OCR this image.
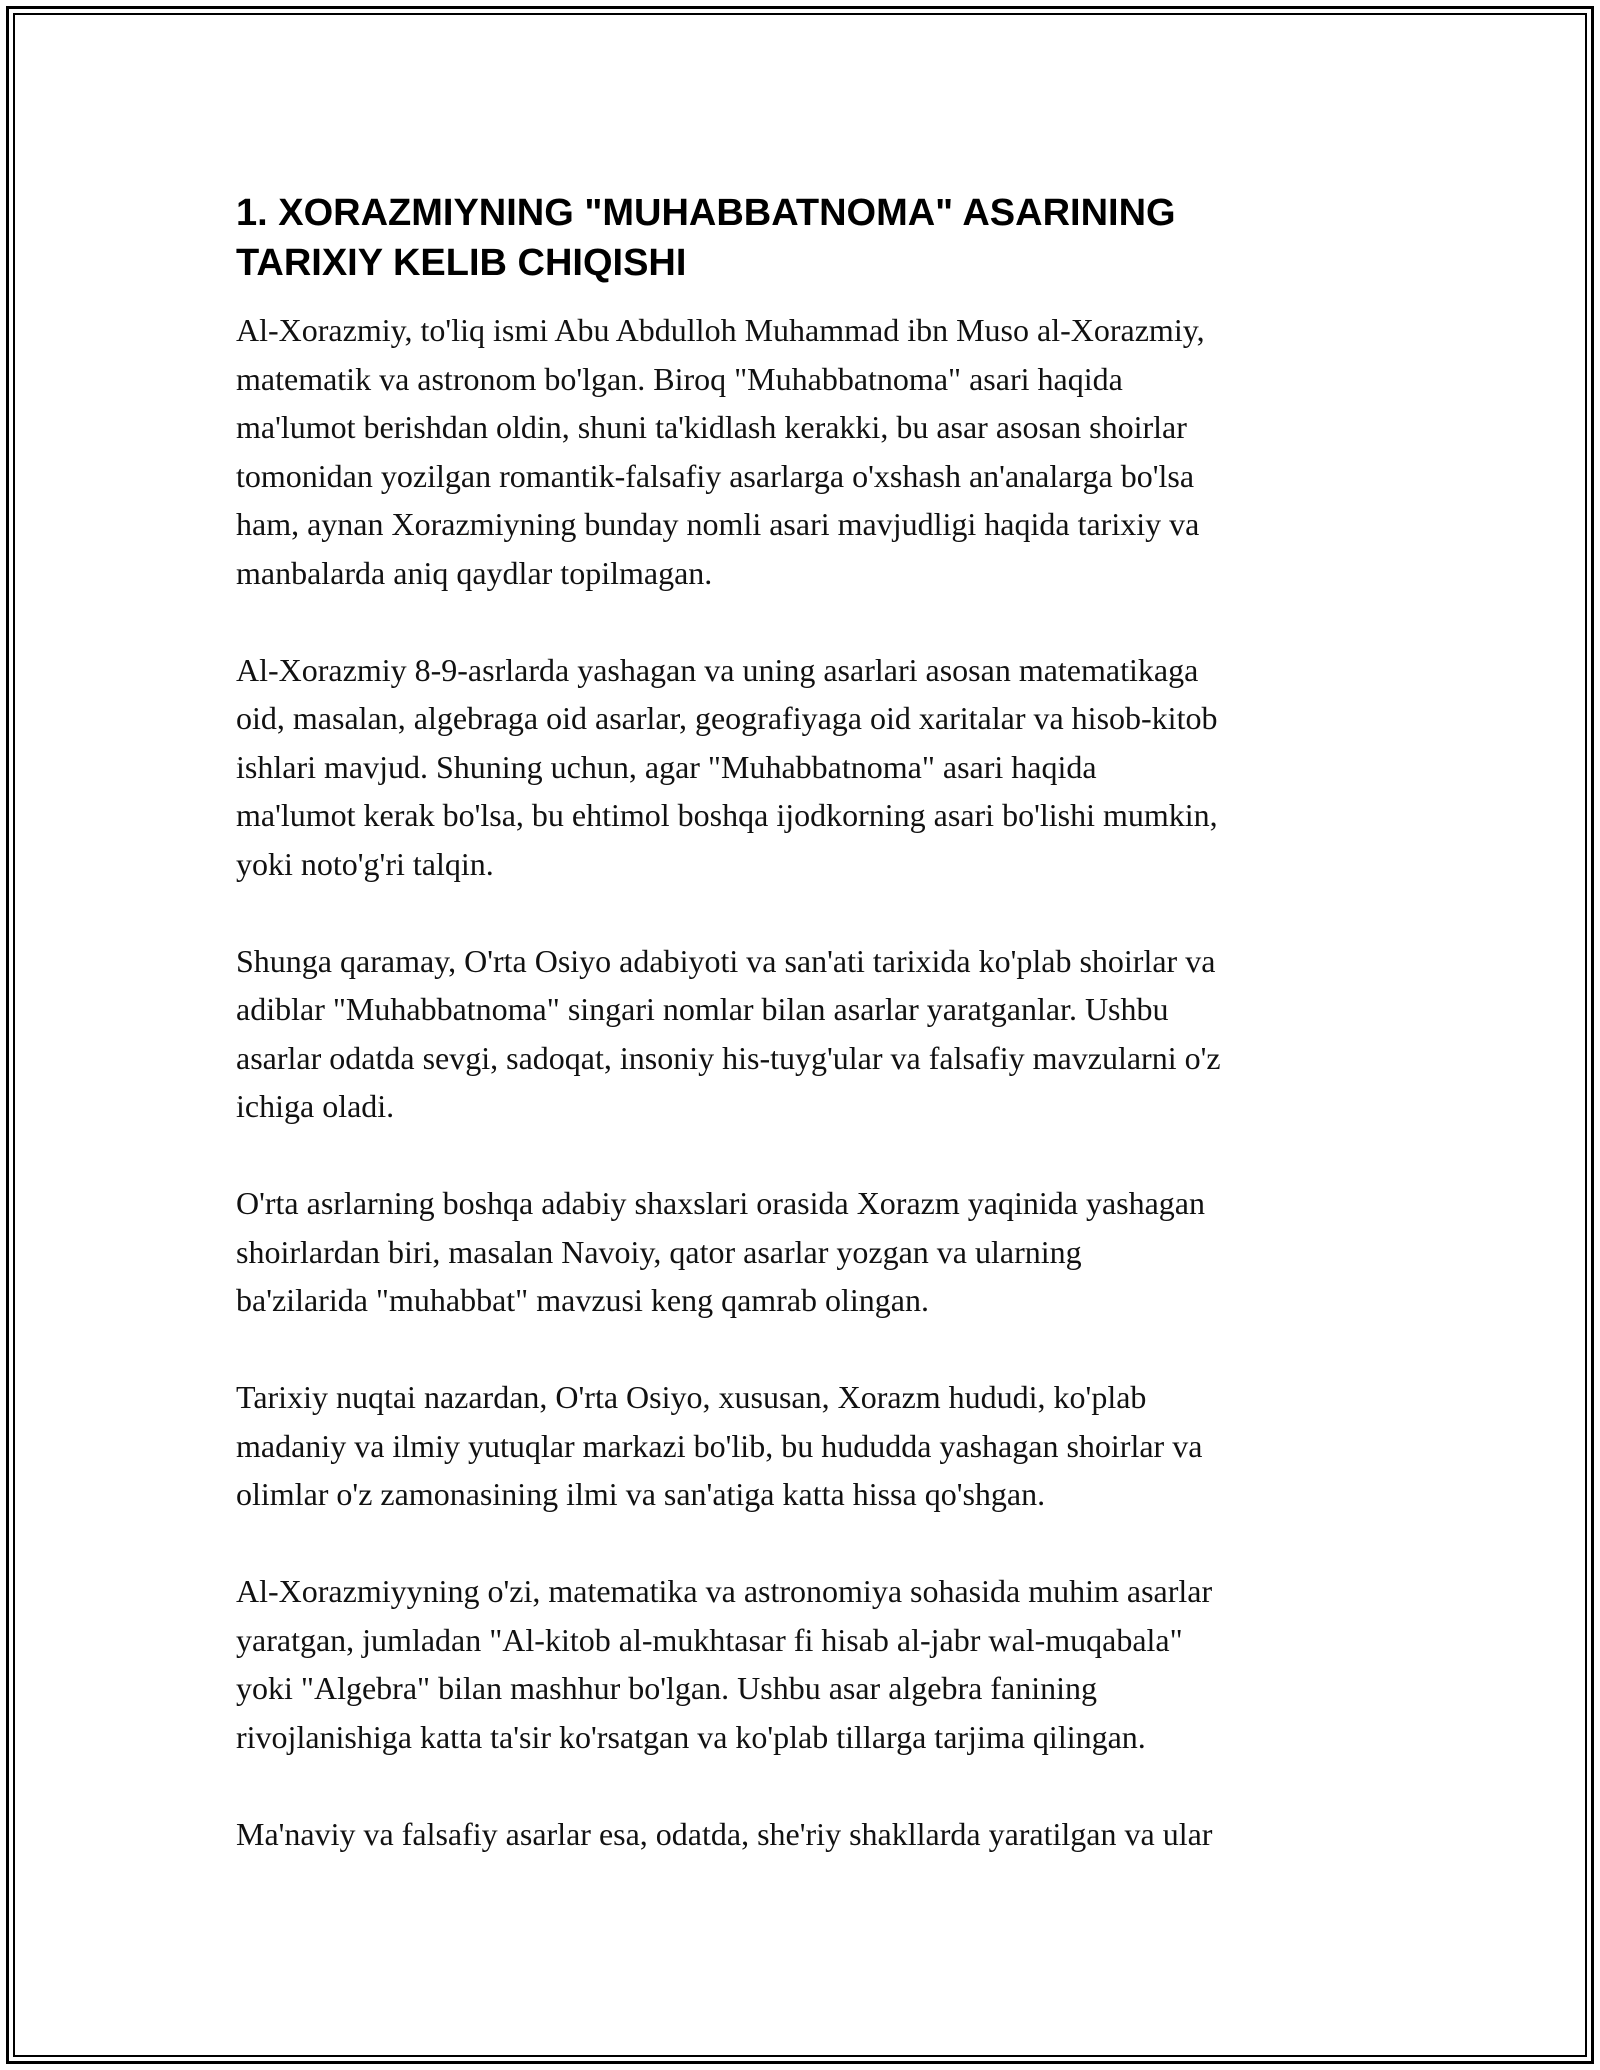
1. XORAZMIYNING "MUHABBATNOMA" ASARINING
TARIXIY KELIB CHIQISHI

Al-Xorazmiy, to'liq ismi Abu Abdulloh Muhammad ibn Muso al-Xorazmiy,
matematik va astronom bo'lgan. Biroq "Muhabbatnoma" asari haqida
ma'lumot berishdan oldin, shuni ta'kidlash kerakki, bu asar asosan shoirlar
tomonidan yozilgan romantik-falsafiy asarlarga o'xshash an'analarga bo'lsa
ham, aynan Xorazmiyning bunday nomli asari mavjudligi haqida tarixiy va
manbalarda aniq qaydlar topilmagan.

Al-Xorazmiy 8-9-asrlarda yashagan va uning asarlari asosan matematikaga
oid, masalan, algebraga oid asarlar, geografiyaga oid xaritalar va hisob-kitob
ishlari mavjud. Shuning uchun, agar "Muhabbatnoma" asari haqida
ma'lumot kerak bo'lsa, bu ehtimol boshqa ijodkorning asari bo'lishi mumkin,
yoki noto'g'ri talqin.

Shunga qaramay, O'rta Osiyo adabiyoti va san'ati tarixida ko'plab shoirlar va
adiblar "Muhabbatnoma" singari nomlar bilan asarlar yaratganlar. Ushbu
asarlar odatda sevgi, sadoqat, insoniy his-tuyg'ular va falsafiy mavzularni o'z
ichiga oladi.

O'rta asrlarning boshqa adabiy shaxslari orasida Xorazm yaqinida yashagan
shoirlardan biri, masalan Navoiy, qator asarlar yozgan va ularning
ba'zilarida "muhabbat" mavzusi keng qamrab olingan.

Tarixiy nuqtai nazardan, O'rta Osiyo, xususan, Xorazm hududi, ko'plab
madaniy va ilmiy yutuqlar markazi bo'lib, bu hududda yashagan shoirlar va
olimlar o'z zamonasining ilmi va san'atiga katta hissa qo'shgan.

Al-Xorazmiyyning o'zi, matematika va astronomiya sohasida muhim asarlar
yaratgan, jumladan "Al-kitob al-mukhtasar fi hisab al-jabr wal-muqabala"
yoki "Algebra" bilan mashhur bo'lgan. Ushbu asar algebra fanining
rivojlanishiga katta ta'sir ko'rsatgan va ko'plab tillarga tarjima qilingan.

Ma'naviy va falsafiy asarlar esa, odatda, she'riy shakllarda yaratilgan va ular
